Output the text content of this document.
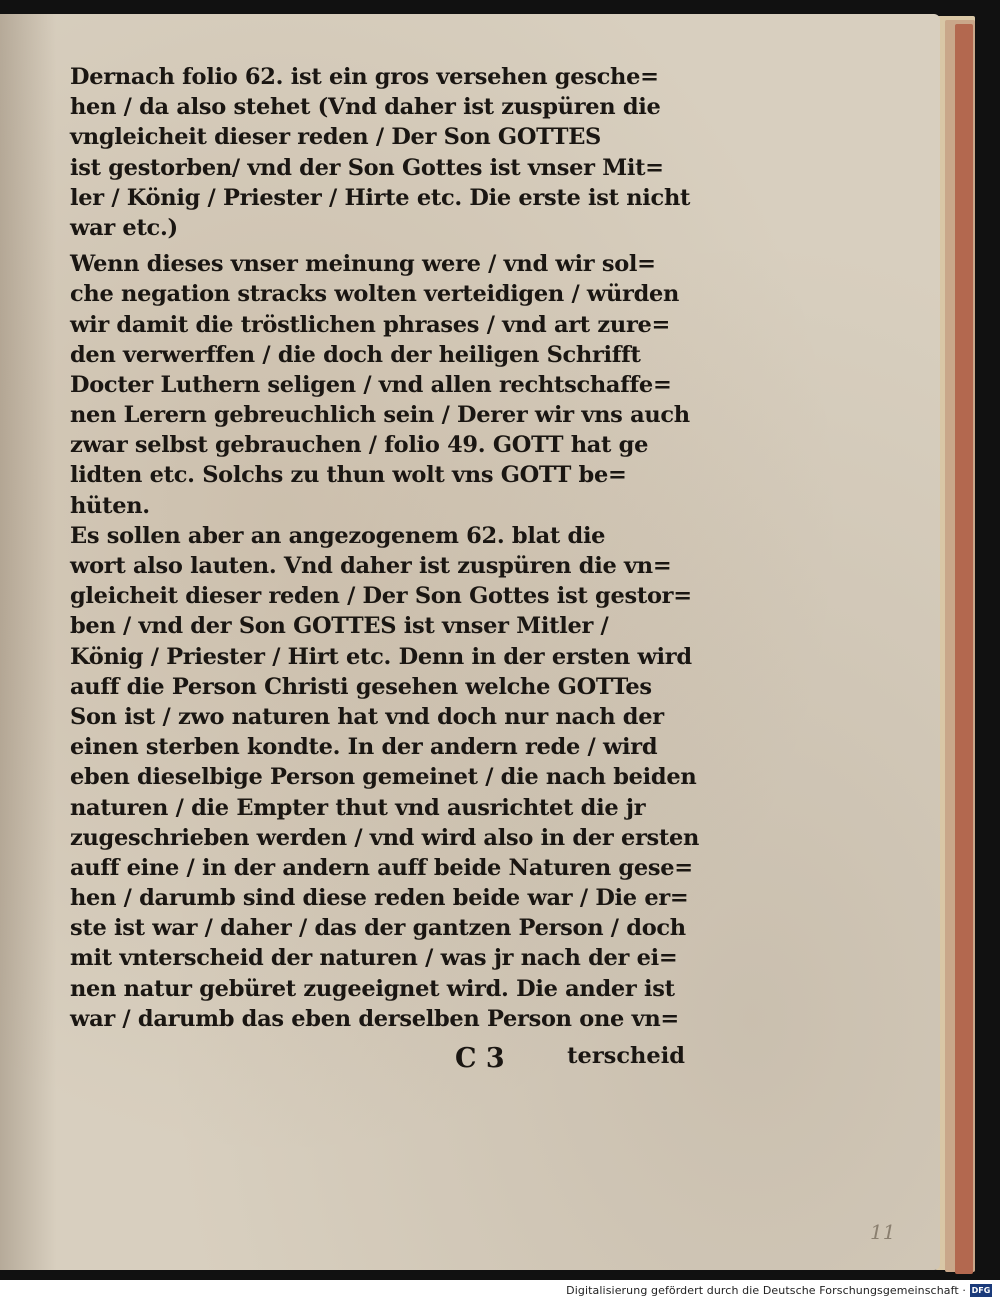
Dernach folio 62. ist ein gros versehen gesche=
hen / da also stehet (Vnd daher ist zuspüren die
vngleicheit dieser reden / Der Son GOTTES
ist gestorben/ vnd der Son Gottes ist vnser Mit=
ler / König / Priester / Hirte etc. Die erste ist nicht
war etc.)
Wenn dieses vnser meinung were / vnd wir sol=
che negation stracks wolten verteidigen / würden
wir damit die tröstlichen phrases / vnd art zure=
den verwerffen / die doch der heiligen Schrifft
Docter Luthern seligen / vnd allen rechtschaffe=
nen Lerern gebreuchlich sein / Derer wir vns auch
zwar selbst gebrauchen / folio 49. GOTT hat ge
lidten etc. Solchs zu thun wolt vns GOTT be=
hüten.
Es sollen aber an angezogenem 62. blat die
wort also lauten. Vnd daher ist zuspüren die vn=
gleicheit dieser reden / Der Son Gottes ist gestor=
ben / vnd der Son GOTTES ist vnser Mitler /
König / Priester / Hirt etc. Denn in der ersten wird
auff die Person Christi gesehen welche GOTTes
Son ist / zwo naturen hat vnd doch nur nach der
einen sterben kondte. In der andern rede / wird
eben dieselbige Person gemeinet / die nach beiden
naturen / die Empter thut vnd ausrichtet die jr
zugeschrieben werden / vnd wird also in der ersten
auff eine / in der andern auff beide Naturen gese=
hen / darumb sind diese reden beide war / Die er=
ste ist war / daher / das der gantzen Person / doch
mit vnterscheid der naturen / was jr nach der ei=
nen natur gebüret zugeeignet wird. Die ander ist
war / darumb das eben derselben Person one vn=
C 3	terscheid
11
Digitalisierung gefördert durch die Deutsche Forschungsgemeinschaft · DFG
